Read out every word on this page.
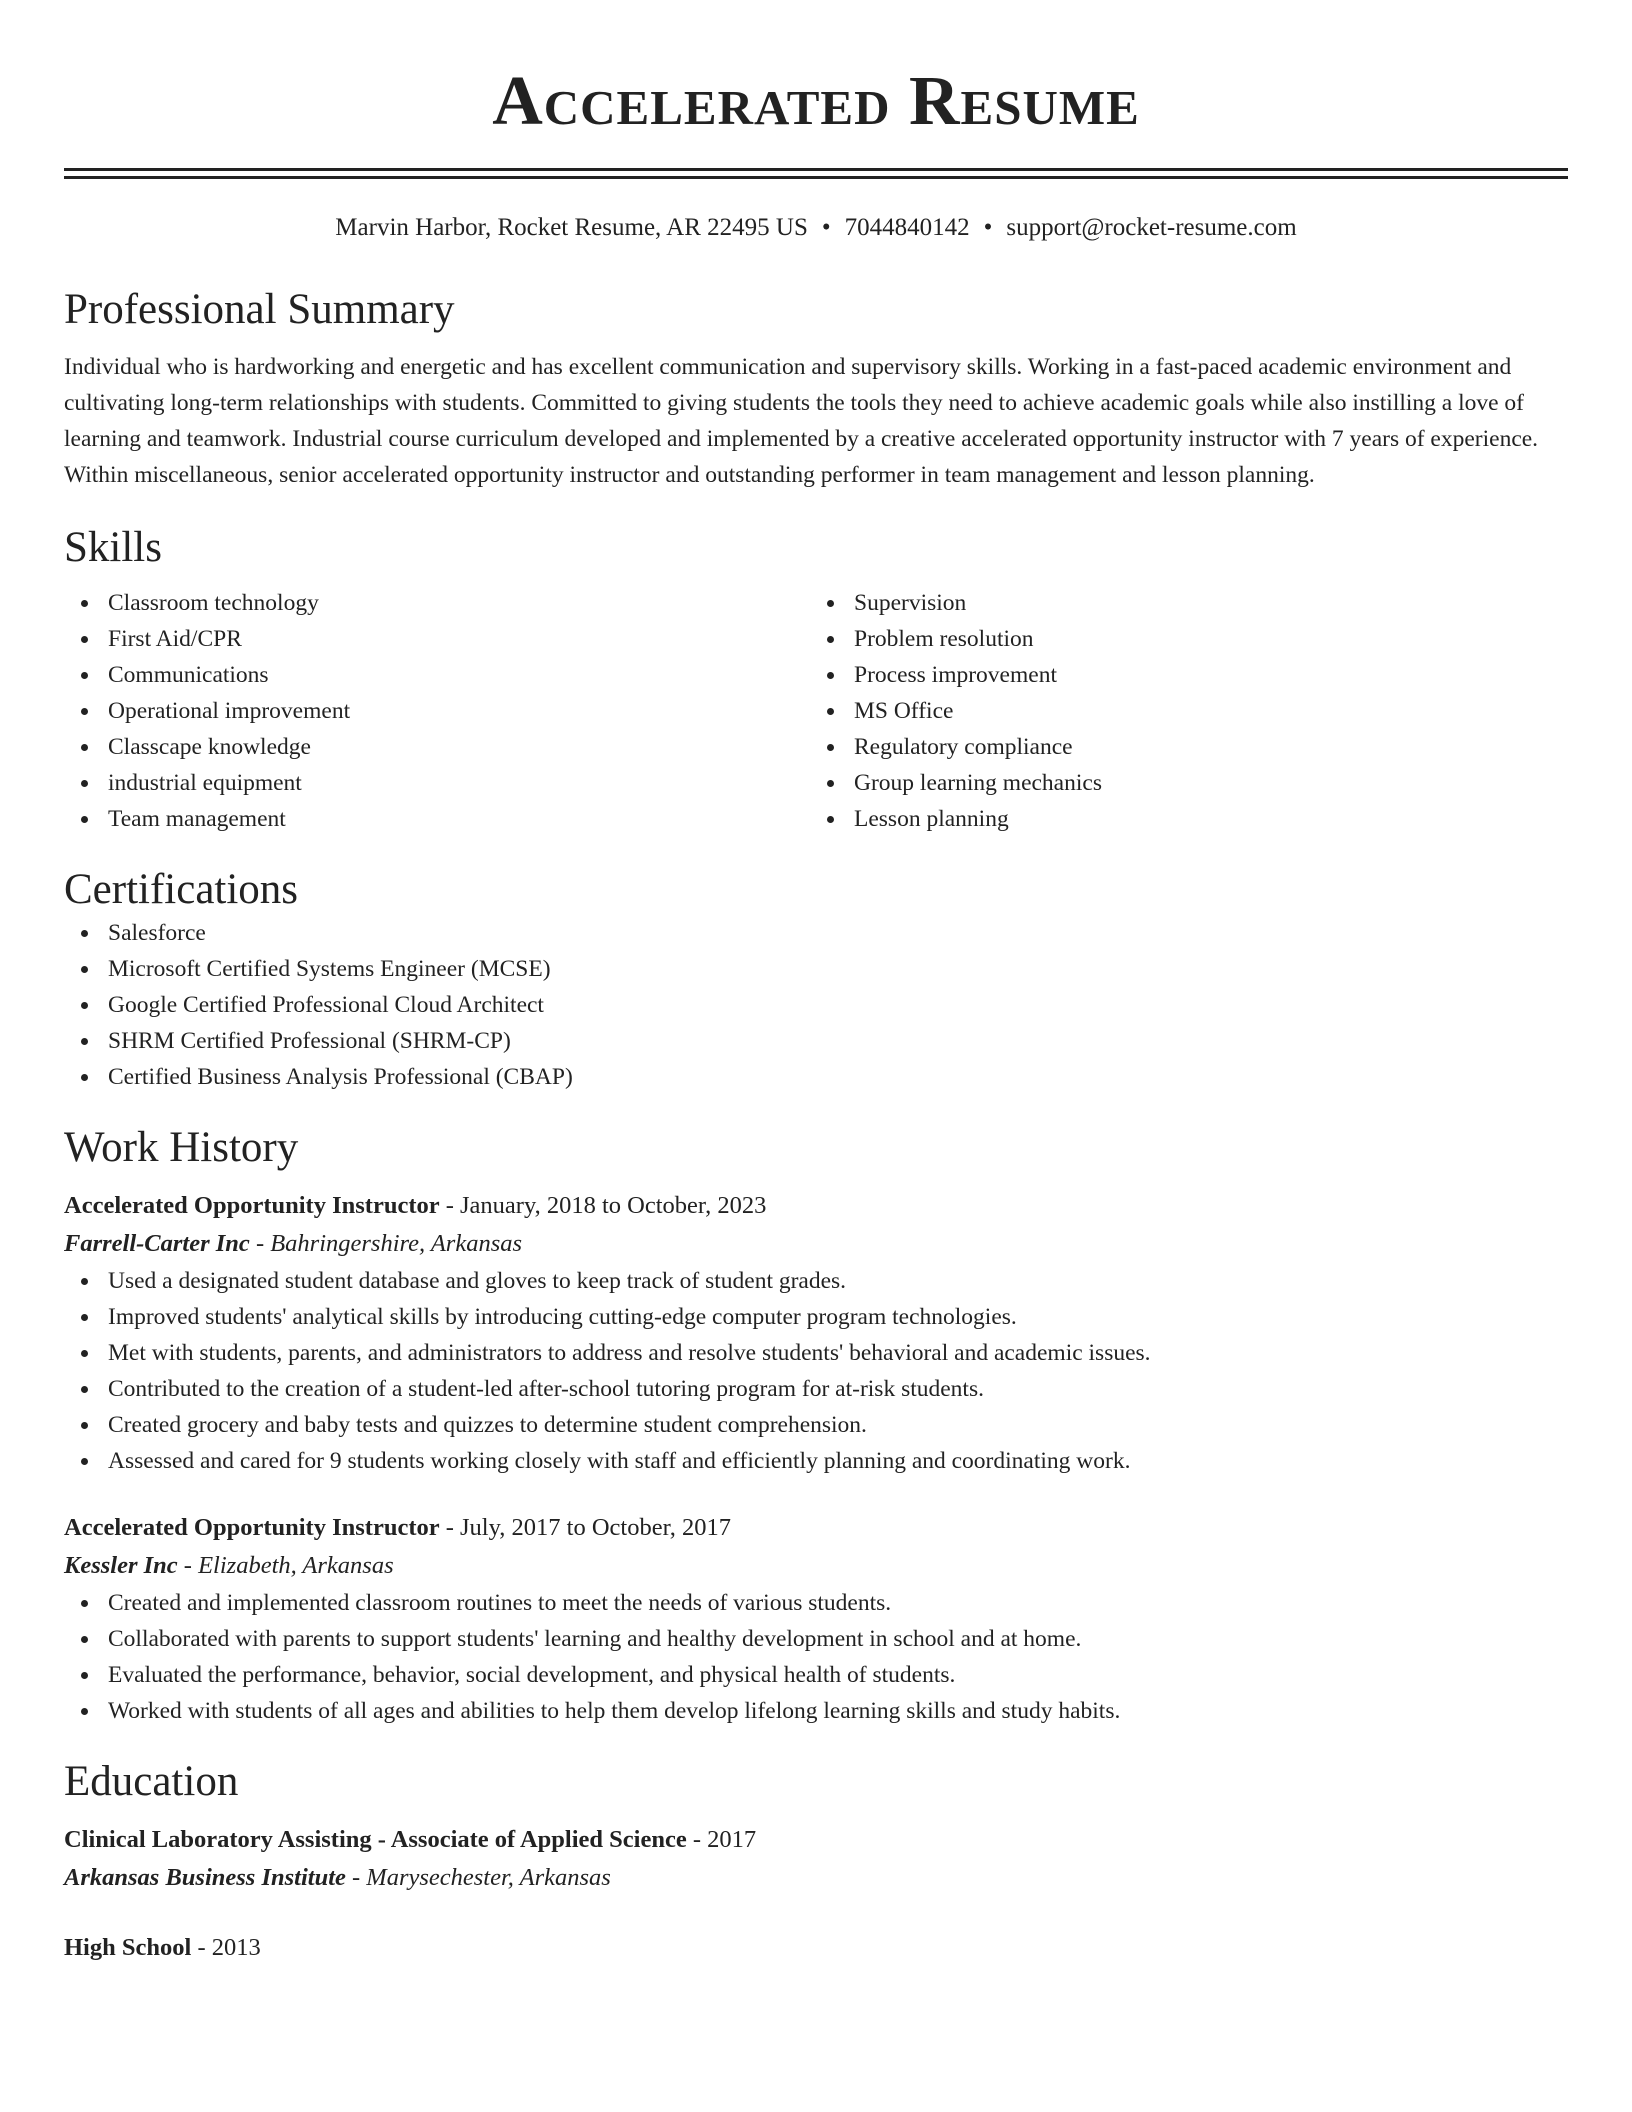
Accelerated Resume
Marvin Harbor, Rocket Resume, AR 22495 US • 7044840142 • support@rocket-resume.com
Professional Summary
Individual who is hardworking and energetic and has excellent communication and supervisory skills. Working in a fast-paced academic environment and cultivating long-term relationships with students. Committed to giving students the tools they need to achieve academic goals while also instilling a love of learning and teamwork. Industrial course curriculum developed and implemented by a creative accelerated opportunity instructor with 7 years of experience. Within miscellaneous, senior accelerated opportunity instructor and outstanding performer in team management and lesson planning.
Skills
Classroom technology
First Aid/CPR
Communications
Operational improvement
Classcape knowledge
industrial equipment
Team management
Supervision
Problem resolution
Process improvement
MS Office
Regulatory compliance
Group learning mechanics
Lesson planning
Certifications
Salesforce
Microsoft Certified Systems Engineer (MCSE)
Google Certified Professional Cloud Architect
SHRM Certified Professional (SHRM-CP)
Certified Business Analysis Professional (CBAP)
Work History
Accelerated Opportunity Instructor - January, 2018 to October, 2023
Farrell-Carter Inc - Bahringershire, Arkansas
Used a designated student database and gloves to keep track of student grades.
Improved students' analytical skills by introducing cutting-edge computer program technologies.
Met with students, parents, and administrators to address and resolve students' behavioral and academic issues.
Contributed to the creation of a student-led after-school tutoring program for at-risk students.
Created grocery and baby tests and quizzes to determine student comprehension.
Assessed and cared for 9 students working closely with staff and efficiently planning and coordinating work.
Accelerated Opportunity Instructor - July, 2017 to October, 2017
Kessler Inc - Elizabeth, Arkansas
Created and implemented classroom routines to meet the needs of various students.
Collaborated with parents to support students' learning and healthy development in school and at home.
Evaluated the performance, behavior, social development, and physical health of students.
Worked with students of all ages and abilities to help them develop lifelong learning skills and study habits.
Education
Clinical Laboratory Assisting - Associate of Applied Science - 2017
Arkansas Business Institute - Marysechester, Arkansas
High School - 2013
